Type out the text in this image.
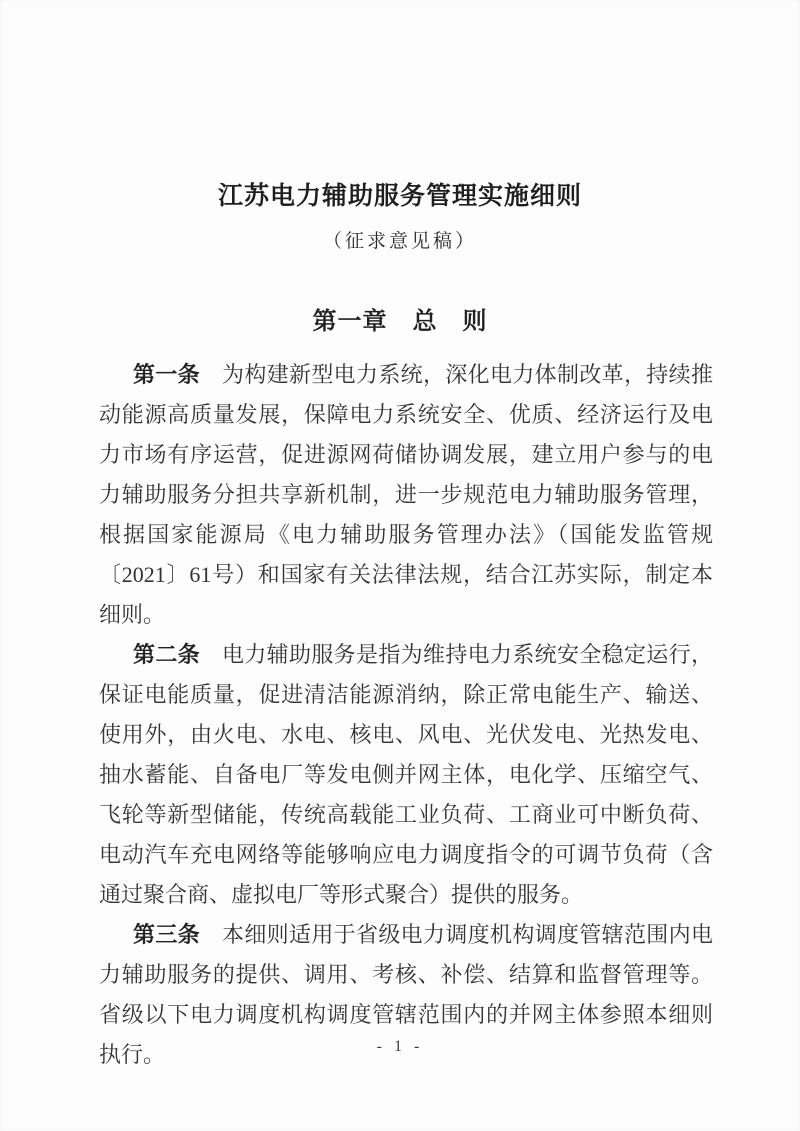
江苏电力辅助服务管理实施细则
（征求意见稿）
第一章　总　则

第一条 为构建新型电力系统，深化电力体制改革，持续推动能源高质量发展，保障电力系统安全、优质、经济运行及电力市场有序运营，促进源网荷储协调发展，建立用户参与的电力辅助服务分担共享新机制，进一步规范电力辅助服务管理，根据国家能源局《电力辅助服务管理办法》（国能发监管规〔2021〕61号）和国家有关法律法规，结合江苏实际，制定本细则。

第二条 电力辅助服务是指为维持电力系统安全稳定运行，保证电能质量，促进清洁能源消纳，除正常电能生产、输送、使用外，由火电、水电、核电、风电、光伏发电、光热发电、抽水蓄能、自备电厂等发电侧并网主体，电化学、压缩空气、飞轮等新型储能，传统高载能工业负荷、工商业可中断负荷、电动汽车充电网络等能够响应电力调度指令的可调节负荷（含通过聚合商、虚拟电厂等形式聚合）提供的服务。

第三条 本细则适用于省级电力调度机构调度管辖范围内电力辅助服务的提供、调用、考核、补偿、结算和监督管理等。省级以下电力调度机构调度管辖范围内的并网主体参照本细则执行。	- 1 -
